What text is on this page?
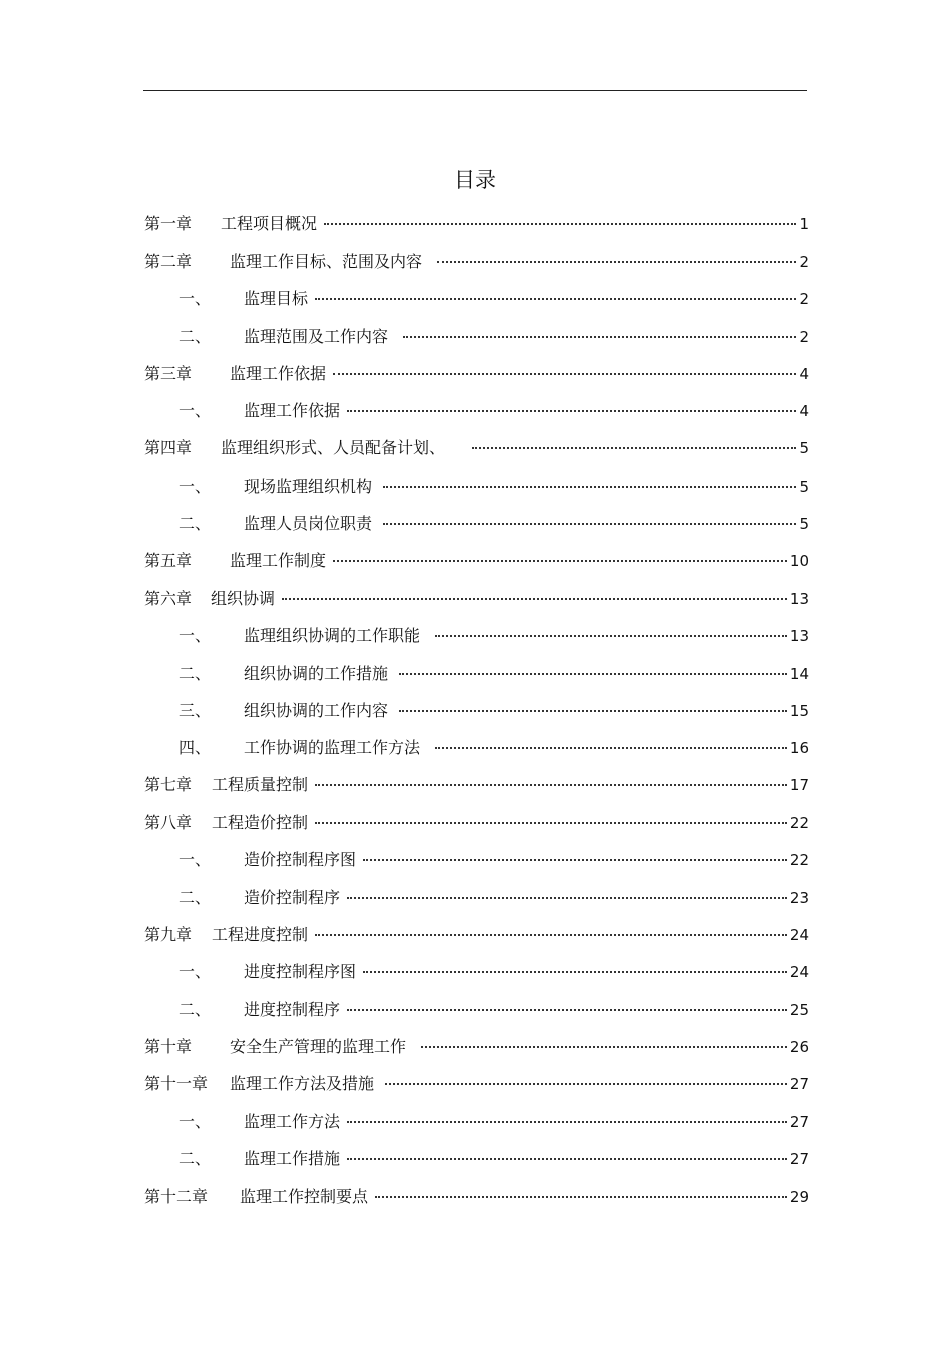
目录
第一章	工程项目概况	1
第二章	监理工作目标、范围及内容	2
一、	监理目标	2
二、	监理范围及工作内容	2
第三章	监理工作依据	4
一、	监理工作依据	4
第四章	监理组织形式、人员配备计划、	5
一、	现场监理组织机构	5
二、	监理人员岗位职责	5
第五章	监理工作制度	10
第六章	组织协调	13
一、	监理组织协调的工作职能	13
二、	组织协调的工作措施	14
三、	组织协调的工作内容	15
四、	工作协调的监理工作方法	16
第七章	工程质量控制	17
第八章	工程造价控制	22
一、	造价控制程序图	22
二、	造价控制程序	23
第九章	工程进度控制	24
一、	进度控制程序图	24
二、	进度控制程序	25
第十章	安全生产管理的监理工作	26
第十一章	监理工作方法及措施	27
一、	监理工作方法	27
二、	监理工作措施	27
第十二章	监理工作控制要点	29
